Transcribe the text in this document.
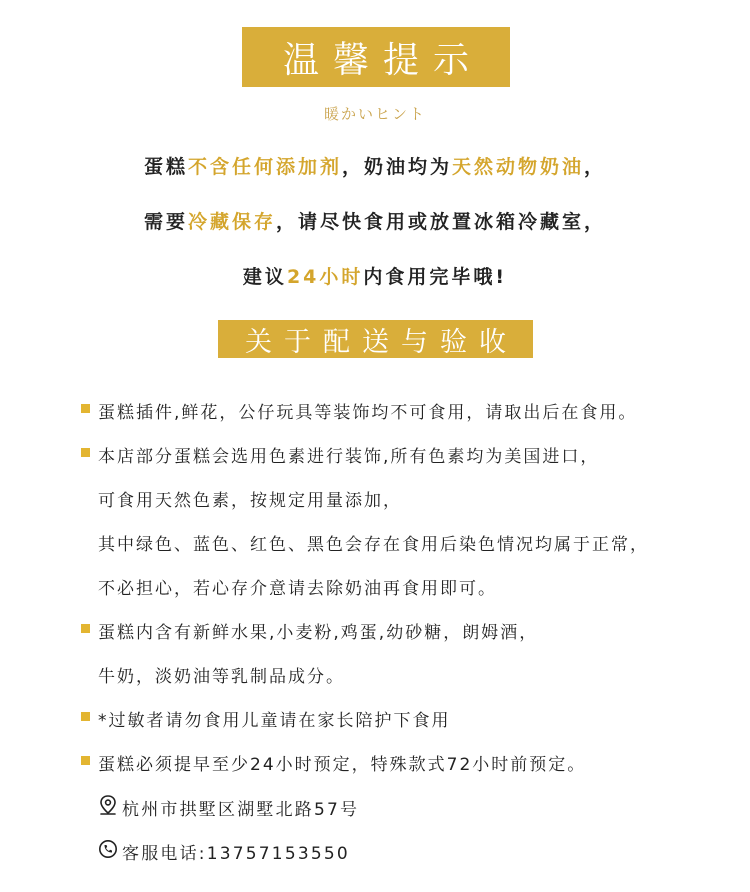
温馨提示
暖かいヒント
蛋糕不含任何添加剂，奶油均为天然动物奶油，
需要冷藏保存，请尽快食用或放置冰箱冷藏室，
建议24小时内食用完毕哦!
关于配送与验收
蛋糕插件,鲜花，公仔玩具等装饰均不可食用，请取出后在食用。
本店部分蛋糕会选用色素进行装饰,所有色素均为美国进口，
可食用天然色素，按规定用量添加，
其中绿色、蓝色、红色、黑色会存在食用后染色情况均属于正常，
不必担心，若心存介意请去除奶油再食用即可。
蛋糕内含有新鲜水果,小麦粉,鸡蛋,幼砂糖，朗姆酒，
牛奶，淡奶油等乳制品成分。
*过敏者请勿食用儿童请在家长陪护下食用
蛋糕必须提早至少24小时预定，特殊款式72小时前预定。
杭州市拱墅区湖墅北路57号
客服电话:13757153550
